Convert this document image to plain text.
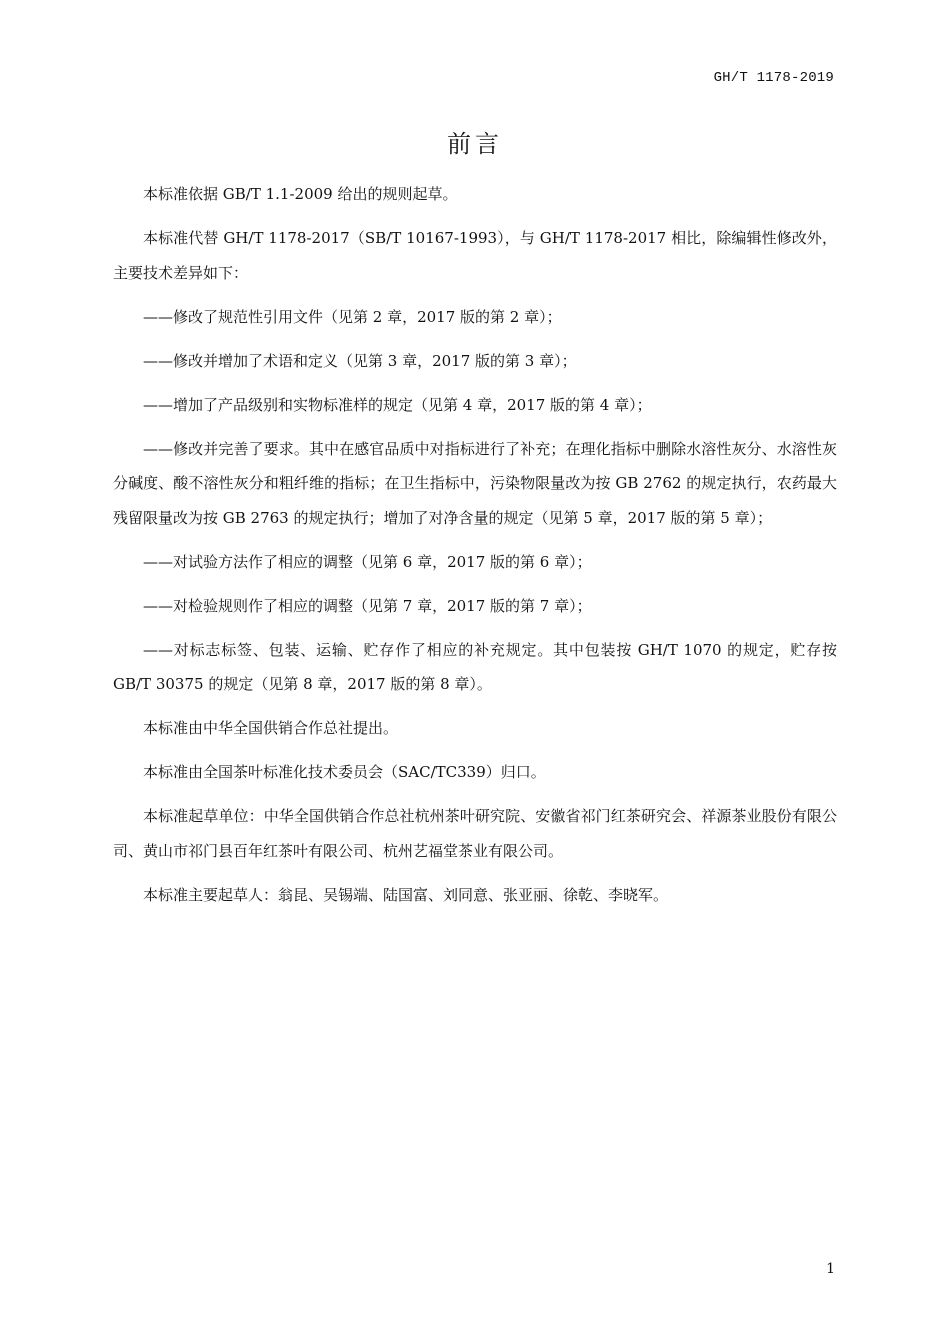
GH/T 1178-2019
前言

本标准依据 GB/T 1.1-2009 给出的规则起草。

本标准代替 GH/T 1178-2017（SB/T 10167-1993），与 GH/T 1178-2017 相比，除编辑性修改外，主要技术差异如下：

——修改了规范性引用文件（见第 2 章，2017 版的第 2 章）；

——修改并增加了术语和定义（见第 3 章，2017 版的第 3 章）；

——增加了产品级别和实物标准样的规定（见第 4 章，2017 版的第 4 章）；

——修改并完善了要求。其中在感官品质中对指标进行了补充；在理化指标中删除水溶性灰分、水溶性灰分碱度、酸不溶性灰分和粗纤维的指标；在卫生指标中，污染物限量改为按 GB 2762 的规定执行，农药最大残留限量改为按 GB 2763 的规定执行；增加了对净含量的规定（见第 5 章，2017 版的第 5 章）；

——对试验方法作了相应的调整（见第 6 章，2017 版的第 6 章）；

——对检验规则作了相应的调整（见第 7 章，2017 版的第 7 章）；

——对标志标签、包装、运输、贮存作了相应的补充规定。其中包装按 GH/T 1070 的规定，贮存按 GB/T 30375 的规定（见第 8 章，2017 版的第 8 章）。

本标准由中华全国供销合作总社提出。

本标准由全国茶叶标准化技术委员会（SAC/TC339）归口。

本标准起草单位：中华全国供销合作总社杭州茶叶研究院、安徽省祁门红茶研究会、祥源茶业股份有限公司、黄山市祁门县百年红茶叶有限公司、杭州艺福堂茶业有限公司。

本标准主要起草人：翁昆、吴锡端、陆国富、刘同意、张亚丽、徐乾、李晓军。

1
